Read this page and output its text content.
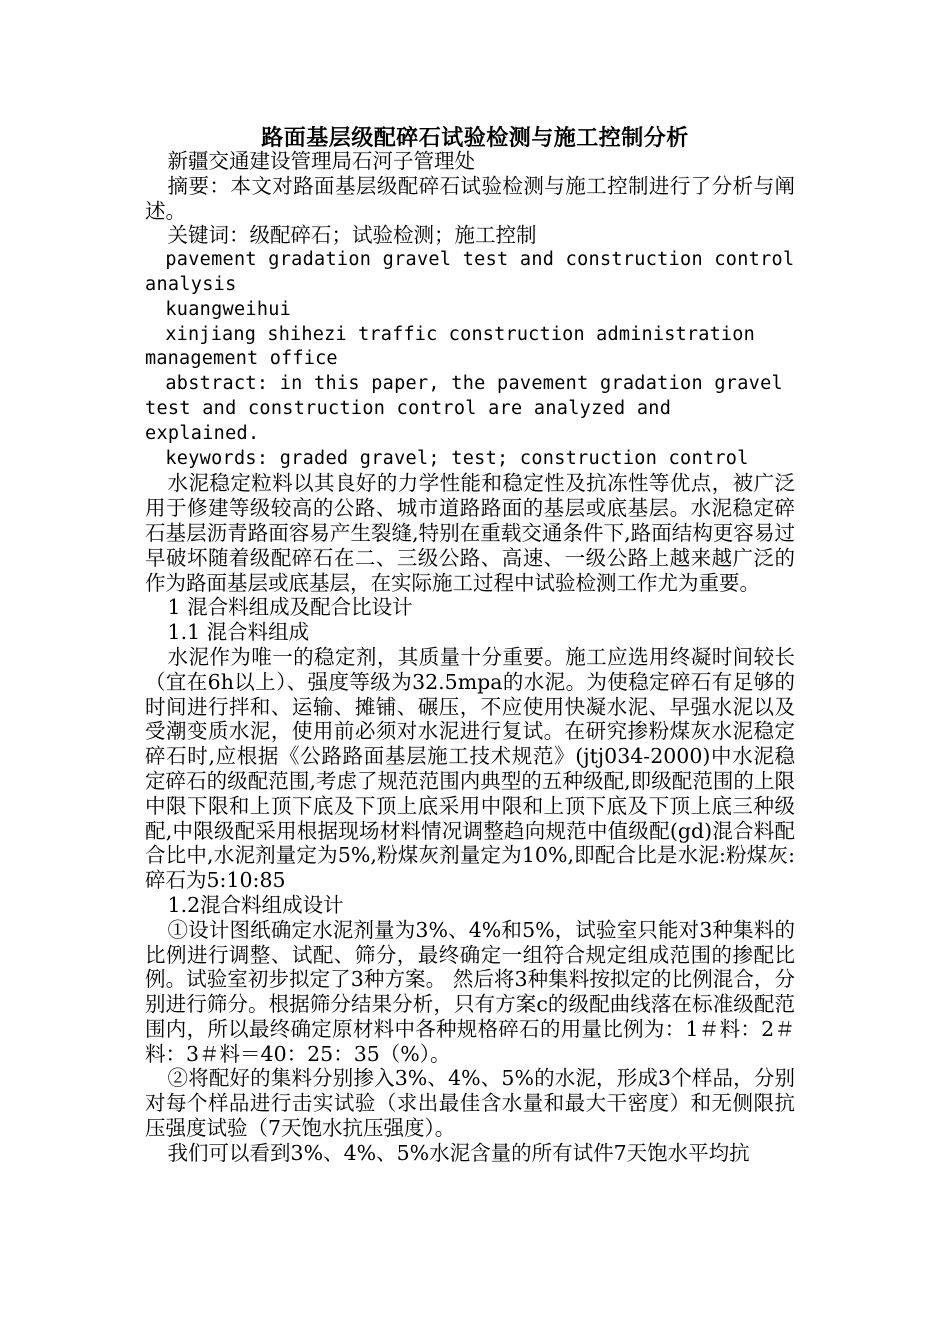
路面基层级配碎石试验检测与施工控制分析

新疆交通建设管理局石河子管理处

摘要：本文对路面基层级配碎石试验检测与施工控制进行了分析与阐述。

关键词：级配碎石；试验检测；施工控制

pavement gradation gravel test and construction control analysis

kuangweihui

xinjiang shihezi traffic construction administration management office

abstract: in this paper, the pavement gradation gravel test and construction control are analyzed and explained.

keywords: graded gravel; test; construction control

水泥稳定粒料以其良好的力学性能和稳定性及抗冻性等优点，被广泛用于修建等级较高的公路、城市道路路面的基层或底基层。水泥稳定碎石基层沥青路面容易产生裂缝,特别在重载交通条件下,路面结构更容易过早破坏随着级配碎石在二、三级公路、高速、一级公路上越来越广泛的作为路面基层或底基层，在实际施工过程中试验检测工作尤为重要。

1 混合料组成及配合比设计

1.1 混合料组成

水泥作为唯一的稳定剂，其质量十分重要。施工应选用终凝时间较长（宜在6h以上）、强度等级为32.5mpa的水泥。为使稳定碎石有足够的时间进行拌和、运输、摊铺、碾压，不应使用快凝水泥、早强水泥以及受潮变质水泥，使用前必须对水泥进行复试。在研究掺粉煤灰水泥稳定碎石时,应根据《公路路面基层施工技术规范》(jtj034-2000)中水泥稳定碎石的级配范围,考虑了规范范围内典型的五种级配,即级配范围的上限中限下限和上顶下底及下顶上底采用中限和上顶下底及下顶上底三种级配,中限级配采用根据现场材料情况调整趋向规范中值级配(gd)混合料配合比中,水泥剂量定为5%,粉煤灰剂量定为10%,即配合比是水泥:粉煤灰:碎石为5:10:85

1.2混合料组成设计

①设计图纸确定水泥剂量为3%、4%和5%，试验室只能对3种集料的比例进行调整、试配、筛分，最终确定一组符合规定组成范围的掺配比例。试验室初步拟定了3种方案。 然后将3种集料按拟定的比例混合，分别进行筛分。根据筛分结果分析，只有方案c的级配曲线落在标准级配范围内，所以最终确定原材料中各种规格碎石的用量比例为：1＃料：2＃料：3＃料＝40：25：35（%）。

②将配好的集料分别掺入3%、4%、5%的水泥，形成3个样品，分别对每个样品进行击实试验（求出最佳含水量和最大干密度）和无侧限抗压强度试验（7天饱水抗压强度）。

我们可以看到3%、4%、5%水泥含量的所有试件7天饱水平均抗
